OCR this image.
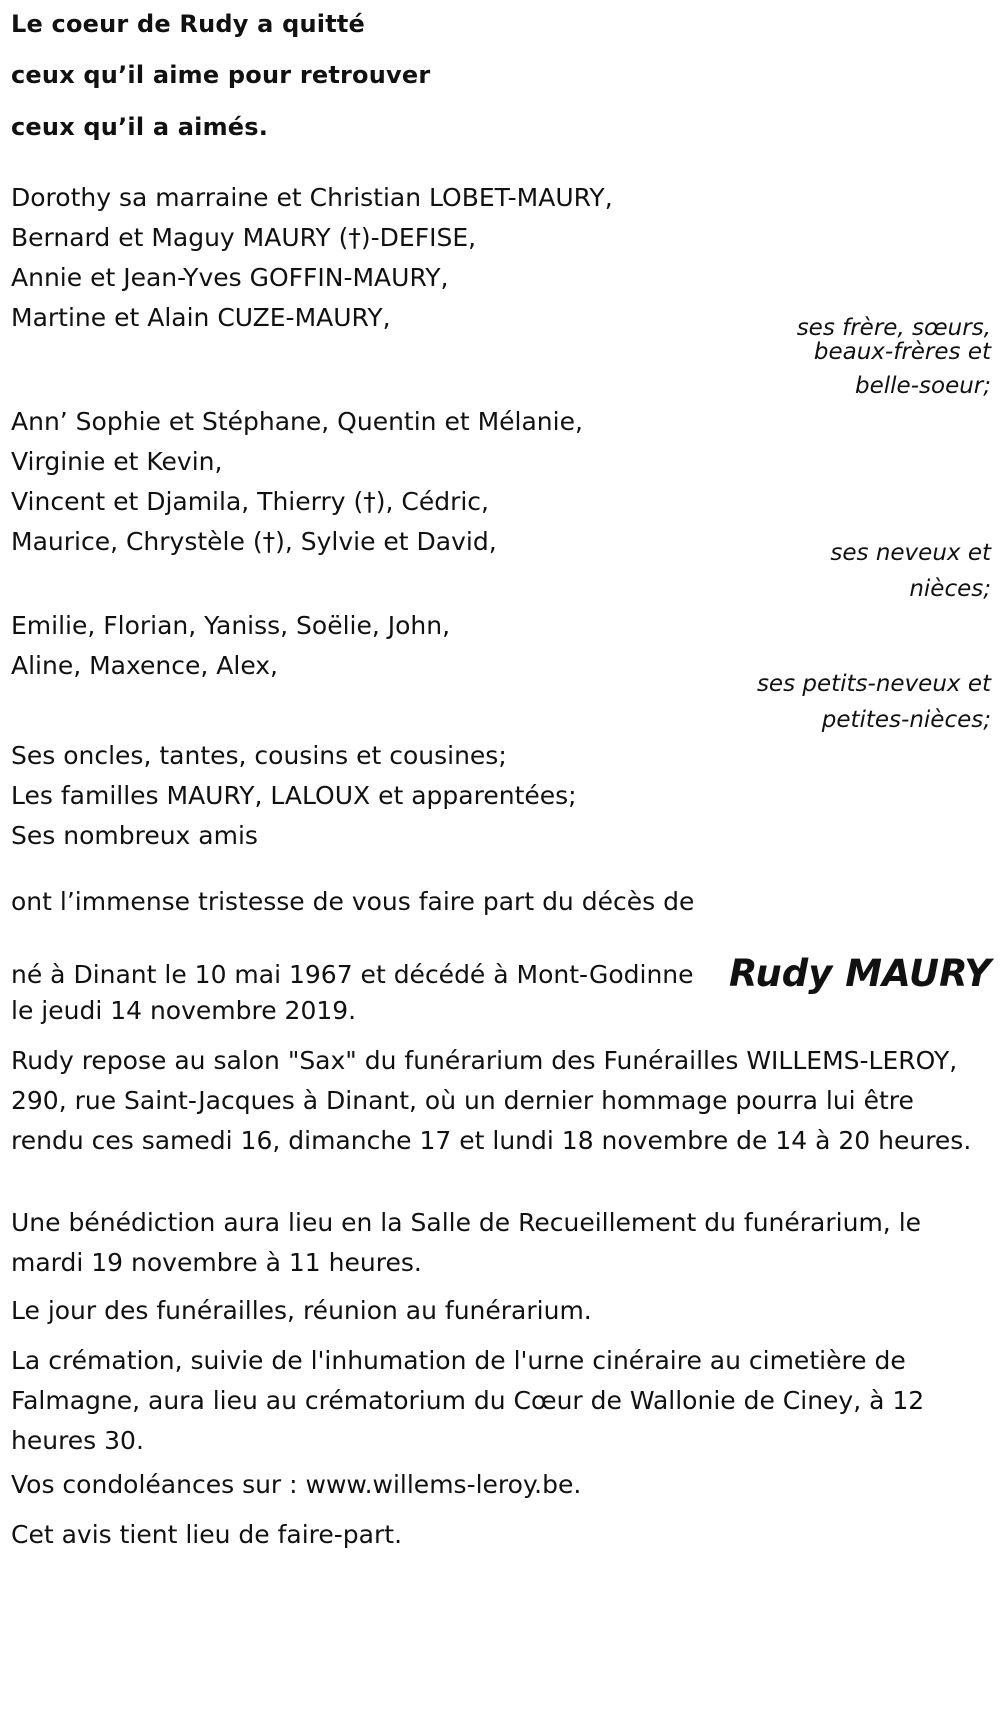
Le coeur de Rudy a quitté
ceux qu’il aime pour retrouver
ceux qu’il a aimés.
Dorothy sa marraine et Christian LOBET-MAURY,
Bernard et Maguy MAURY (†)-DEFISE,
Annie et Jean-Yves GOFFIN-MAURY,
Martine et Alain CUZE-MAURY,	ses frère, sœurs,
beaux-frères et
belle-soeur;
Ann’ Sophie et Stéphane, Quentin et Mélanie,
Virginie et Kevin,
Vincent et Djamila, Thierry (†), Cédric,
Maurice, Chrystèle (†), Sylvie et David,	ses neveux et
nièces;
Emilie, Florian, Yaniss, Soëlie, John,
Aline, Maxence, Alex,
ses petits-neveux et
petites-nièces;
Ses oncles, tantes, cousins et cousines;
Les familles MAURY, LALOUX et apparentées;
Ses nombreux amis
ont l’immense tristesse de vous faire part du décès de
né à Dinant le 10 mai 1967 et décédé à Mont-Godinne Rudy MAURY
le jeudi 14 novembre 2019.
Rudy repose au salon "Sax" du funérarium des Funérailles WILLEMS-LEROY, 290, rue Saint-Jacques à Dinant, où un dernier hommage pourra lui être rendu ces samedi 16, dimanche 17 et lundi 18 novembre de 14 à 20 heures.
Une bénédiction aura lieu en la Salle de Recueillement du funérarium, le mardi 19 novembre à 11 heures.
Le jour des funérailles, réunion au funérarium.
La crémation, suivie de l'inhumation de l'urne cinéraire au cimetière de Falmagne, aura lieu au crématorium du Cœur de Wallonie de Ciney, à 12 heures 30.
Vos condoléances sur : www.willems-leroy.be.
Cet avis tient lieu de faire-part.
